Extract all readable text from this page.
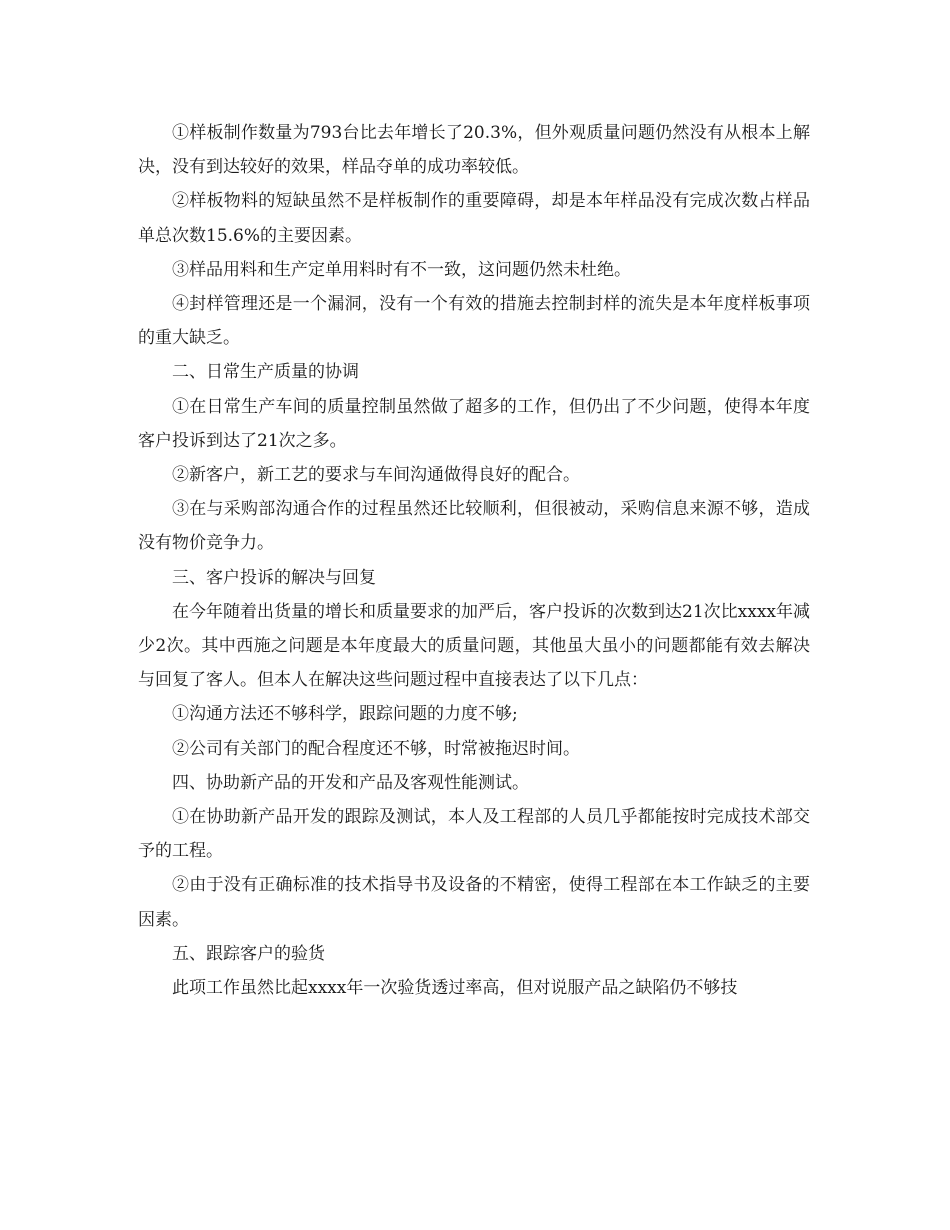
①样板制作数量为793台比去年增长了20.3%，但外观质量问题仍然没有从根本上解决，没有到达较好的效果，样品夺单的成功率较低。

②样板物料的短缺虽然不是样板制作的重要障碍，却是本年样品没有完成次数占样品单总次数15.6%的主要因素。

③样品用料和生产定单用料时有不一致，这问题仍然未杜绝。

④封样管理还是一个漏洞，没有一个有效的措施去控制封样的流失是本年度样板事项的重大缺乏。

二、日常生产质量的协调

①在日常生产车间的质量控制虽然做了超多的工作，但仍出了不少问题，使得本年度客户投诉到达了21次之多。

②新客户，新工艺的要求与车间沟通做得良好的配合。

③在与采购部沟通合作的过程虽然还比较顺利，但很被动，采购信息来源不够，造成没有物价竞争力。

三、客户投诉的解决与回复

在今年随着出货量的增长和质量要求的加严后，客户投诉的次数到达21次比xxxx年减少2次。其中西施之问题是本年度最大的质量问题，其他虽大虽小的问题都能有效去解决与回复了客人。但本人在解决这些问题过程中直接表达了以下几点：

①沟通方法还不够科学，跟踪问题的力度不够;

②公司有关部门的配合程度还不够，时常被拖迟时间。

四、协助新产品的开发和产品及客观性能测试。

①在协助新产品开发的跟踪及测试，本人及工程部的人员几乎都能按时完成技术部交予的工程。

②由于没有正确标准的技术指导书及设备的不精密，使得工程部在本工作缺乏的主要因素。

五、跟踪客户的验货

此项工作虽然比起xxxx年一次验货透过率高，但对说服产品之缺陷仍不够技
